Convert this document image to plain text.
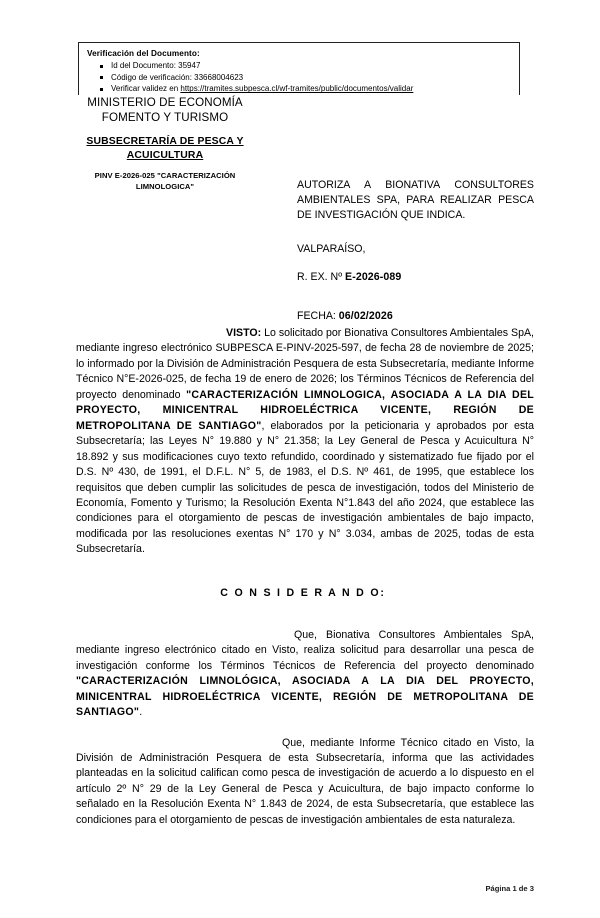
Verificación del Documento:
Id del Documento: 35947
Código de verificación: 33668004623
Verificar validez en https://tramites.subpesca.cl/wf-tramites/public/documentos/validar
MINISTERIO DE ECONOMÍA
FOMENTO Y TURISMO
SUBSECRETARÍA DE PESCA Y
ACUICULTURA
PINV E-2026-025 "CARACTERIZACIÓN
LIMNOLOGICA"	AUTORIZA A BIONATIVA CONSULTORES AMBIENTALES SPA, PARA REALIZAR PESCA DE INVESTIGACIÓN QUE INDICA.
VALPARAÍSO,
R. EX. Nº E-2026-089
FECHA: 06/02/2026

VISTO: Lo solicitado por Bionativa Consultores Ambientales SpA, mediante ingreso electrónico SUBPESCA E-PINV-2025-597, de fecha 28 de noviembre de 2025; lo informado por la División de Administración Pesquera de esta Subsecretaría, mediante Informe Técnico N°E-2026-025, de fecha 19 de enero de 2026; los Términos Técnicos de Referencia del proyecto denominado "CARACTERIZACIÓN LIMNOLOGICA, ASOCIADA A LA DIA DEL PROYECTO, MINICENTRAL HIDROELÉCTRICA VICENTE, REGIÓN DE METROPOLITANA DE SANTIAGO", elaborados por la peticionaria y aprobados por esta Subsecretaría; las Leyes N° 19.880 y N° 21.358; la Ley General de Pesca y Acuicultura N° 18.892 y sus modificaciones cuyo texto refundido, coordinado y sistematizado fue fijado por el D.S. Nº 430, de 1991, el D.F.L. N° 5, de 1983, el D.S. Nº 461, de 1995, que establece los requisitos que deben cumplir las solicitudes de pesca de investigación, todos del Ministerio de Economía, Fomento y Turismo; la Resolución Exenta N°1.843 del año 2024, que establece las condiciones para el otorgamiento de pescas de investigación ambientales de bajo impacto, modificada por las resoluciones exentas N° 170 y N° 3.034, ambas de 2025, todas de esta Subsecretaría.

C O N S I D E R A N D O:

Que, Bionativa Consultores Ambientales SpA, mediante ingreso electrónico citado en Visto, realiza solicitud para desarrollar una pesca de investigación conforme los Términos Técnicos de Referencia del proyecto denominado "CARACTERIZACIÓN LIMNOLÓGICA, ASOCIADA A LA DIA DEL PROYECTO, MINICENTRAL HIDROELÉCTRICA VICENTE, REGIÓN DE METROPOLITANA DE SANTIAGO".

Que, mediante Informe Técnico citado en Visto, la División de Administración Pesquera de esta Subsecretaría, informa que las actividades planteadas en la solicitud califican como pesca de investigación de acuerdo a lo dispuesto en el artículo 2º N° 29 de la Ley General de Pesca y Acuicultura, de bajo impacto conforme lo señalado en la Resolución Exenta N° 1.843 de 2024, de esta Subsecretaría, que establece las condiciones para el otorgamiento de pescas de investigación ambientales de esta naturaleza.

Página 1 de 3
